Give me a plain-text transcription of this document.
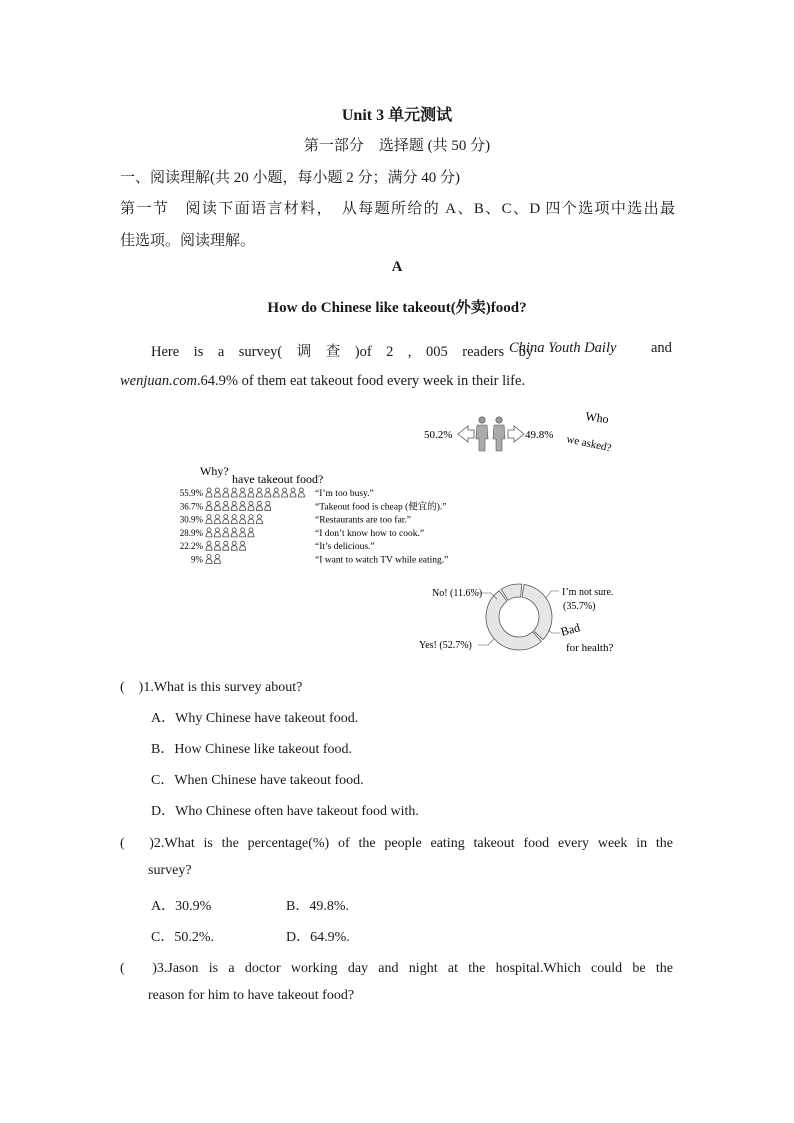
Unit 3 单元测试
第一部分　选择题 (共 50 分)
一、阅读理解(共 20 小题，每小题 2 分；满分 40 分)
第一节　阅读下面语言材料，　从每题所给的 A、B、C、D 四个选项中选出最
佳选项。阅读理解。
A
How do Chinese like takeout(外卖)food?
Here　is　a　survey(　调　查　)of　2　,　005　readers　by
China Youth Daily and
wenjuan.com.64.9% of them eat takeout food every week in their life.
Who
we asked?
50.2%	49.8%
Why?
have takeout food?
55.9%	“I’m too busy.”
36.7%	“Takeout food is cheap (便宜的).”
30.9%	“Restaurants are too far.”
28.9%	“I don’t know how to cook.”
22.2%	“It’s delicious.”
9%	“I want to watch TV while eating.”
No! (11.6%)	I’m not sure.
(35.7%)
Yes! (52.7%)
Bad
for health?
(　)1.What is this survey about?
A．Why Chinese have takeout food.
B．How Chinese like takeout food.
C．When Chinese have takeout food.
D．Who Chinese often have takeout food with.
(　)2.What is the percentage(%) of the people eating takeout food every week in the
survey?
A．30.9%	B．49.8%.
C．50.2%.	D．64.9%.
(　)3.Jason is a doctor working day and night at the hospital.Which could be the
reason for him to have takeout food?
